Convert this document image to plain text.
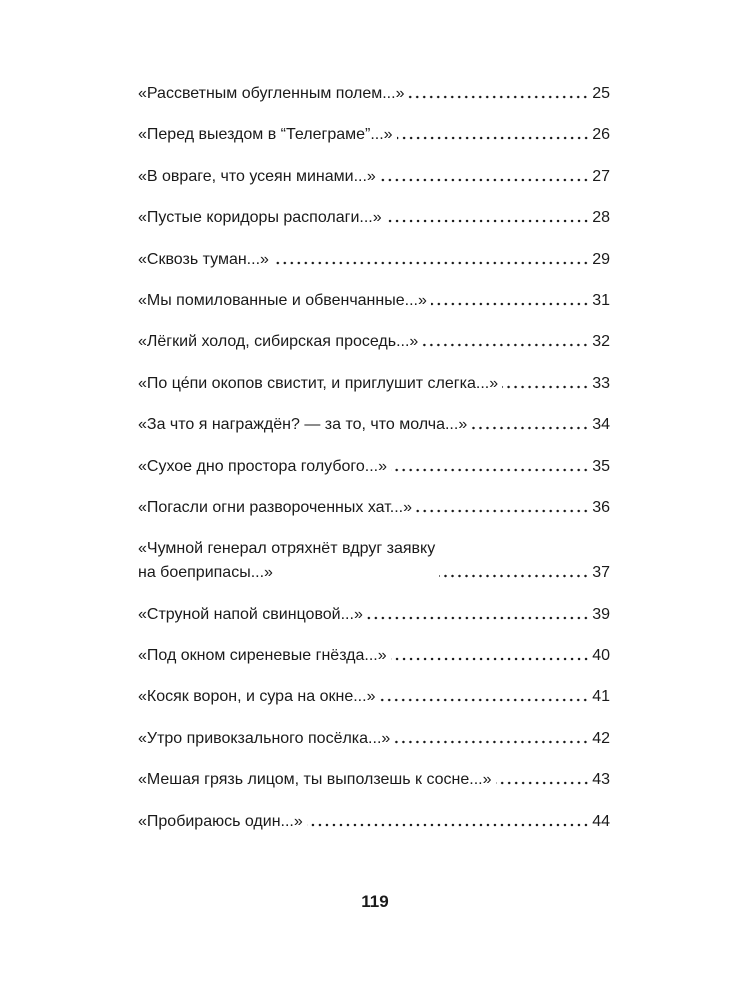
«Рассветным обугленным полем...»	25
«Перед выездом в “Телеграме”...»	26
«В овраге, что усеян минами...»	27
«Пустые коридоры располаги...»	28
«Сквозь туман...»	29
«Мы помилованные и обвенчанные...»	31
«Лёгкий холод, сибирская проседь...»	32
«По це́пи окопов свистит, и приглушит слегка...»	33
«За что я награждён? — за то, что молча...»	34
«Сухое дно простора голубого...»	35
«Погасли огни развороченных хат...»	36
«Чумной генерал отряхнёт вдруг заявку
на боеприпасы...»	37
«Струной напой свинцовой...»	39
«Под окном сиреневые гнёзда...»	40
«Косяк ворон, и сура на окне...»	41
«Утро привокзального посёлка...»	42
«Мешая грязь лицом, ты выползешь к сосне...»	43
«Пробираюсь один...»	44
119
